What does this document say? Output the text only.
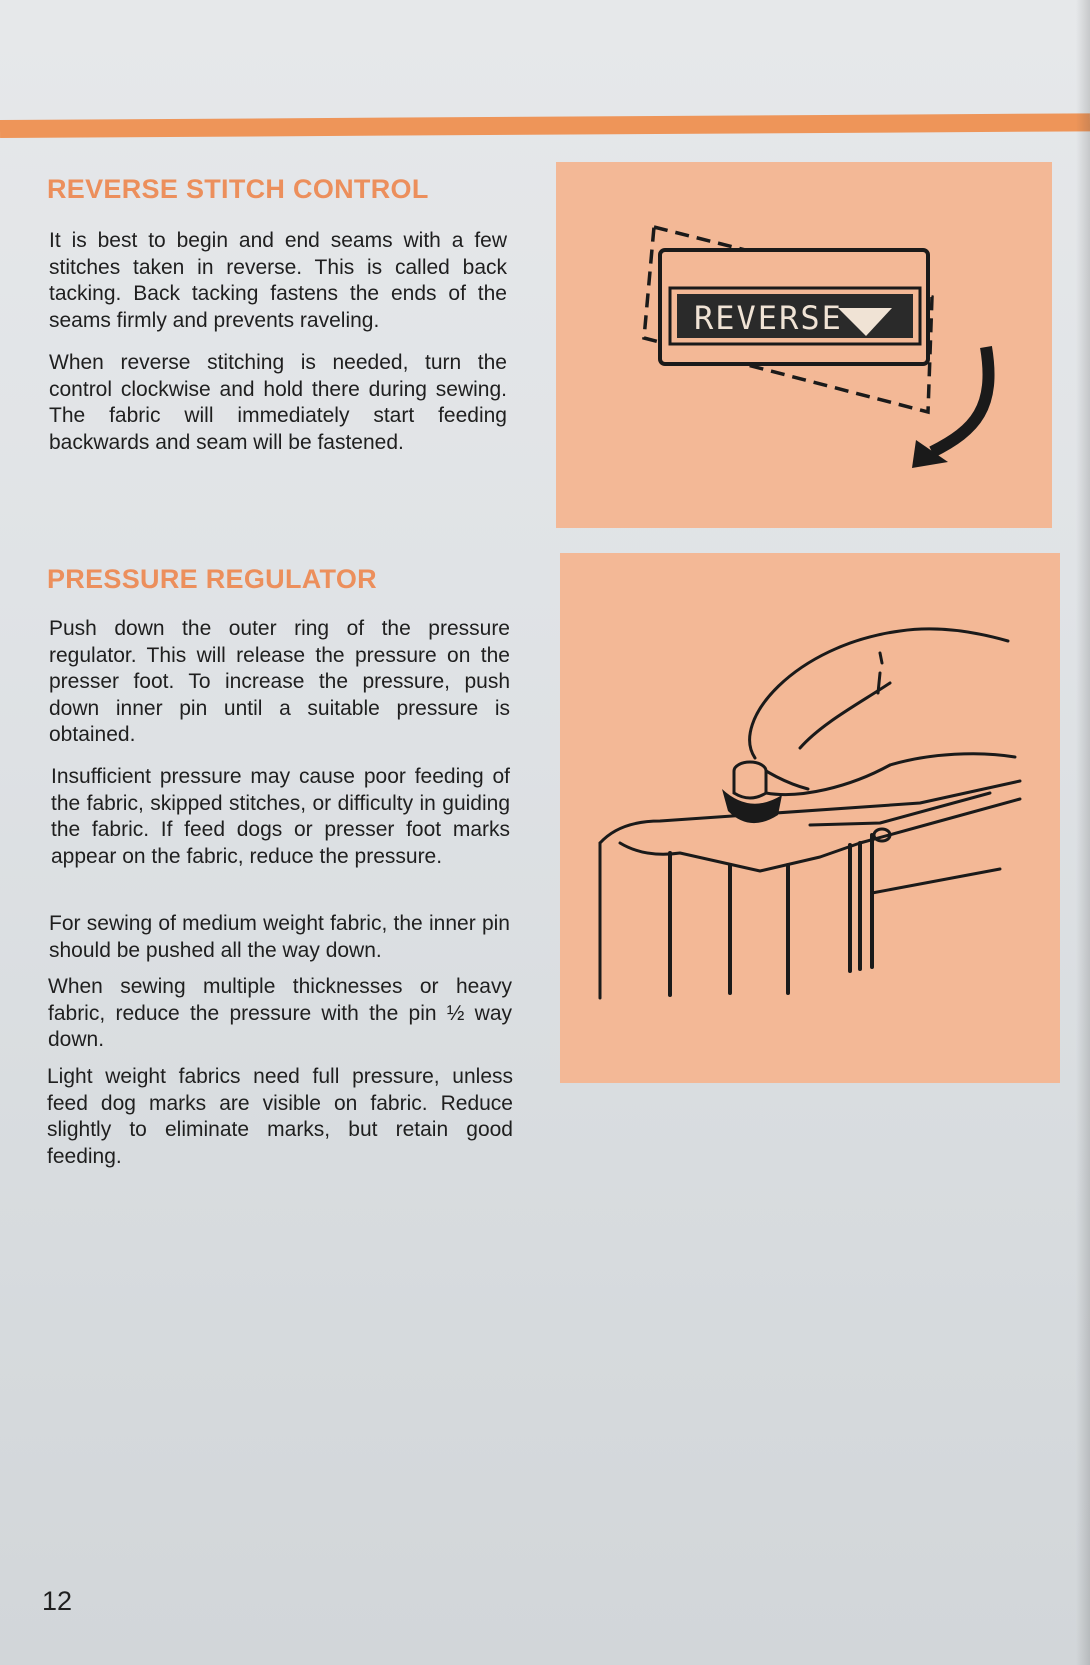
REVERSE STITCH CONTROL

It is best to begin and end seams with a few stitches taken in reverse. This is called back tacking. Back tacking fastens the ends of the seams firmly and prevents raveling.

When reverse stitching is needed, turn the control clockwise and hold there during sewing. The fabric will immediately start feeding backwards and seam will be fastened.

REVERSE
PRESSURE REGULATOR

Push down the outer ring of the pressure regulator. This will release the pressure on the presser foot. To increase the pressure, push down inner pin until a suitable pressure is obtained.

Insufficient pressure may cause poor feeding of the fabric, skipped stitches, or difficulty in guiding the fabric. If feed dogs or presser foot marks appear on the fabric, reduce the pressure.

For sewing of medium weight fabric, the inner pin should be pushed all the way down.

When sewing multiple thicknesses or heavy fabric, reduce the pressure with the pin ½ way down.

Light weight fabrics need full pressure, unless feed dog marks are visible on fabric. Reduce slightly to eliminate marks, but retain good feeding.

12
